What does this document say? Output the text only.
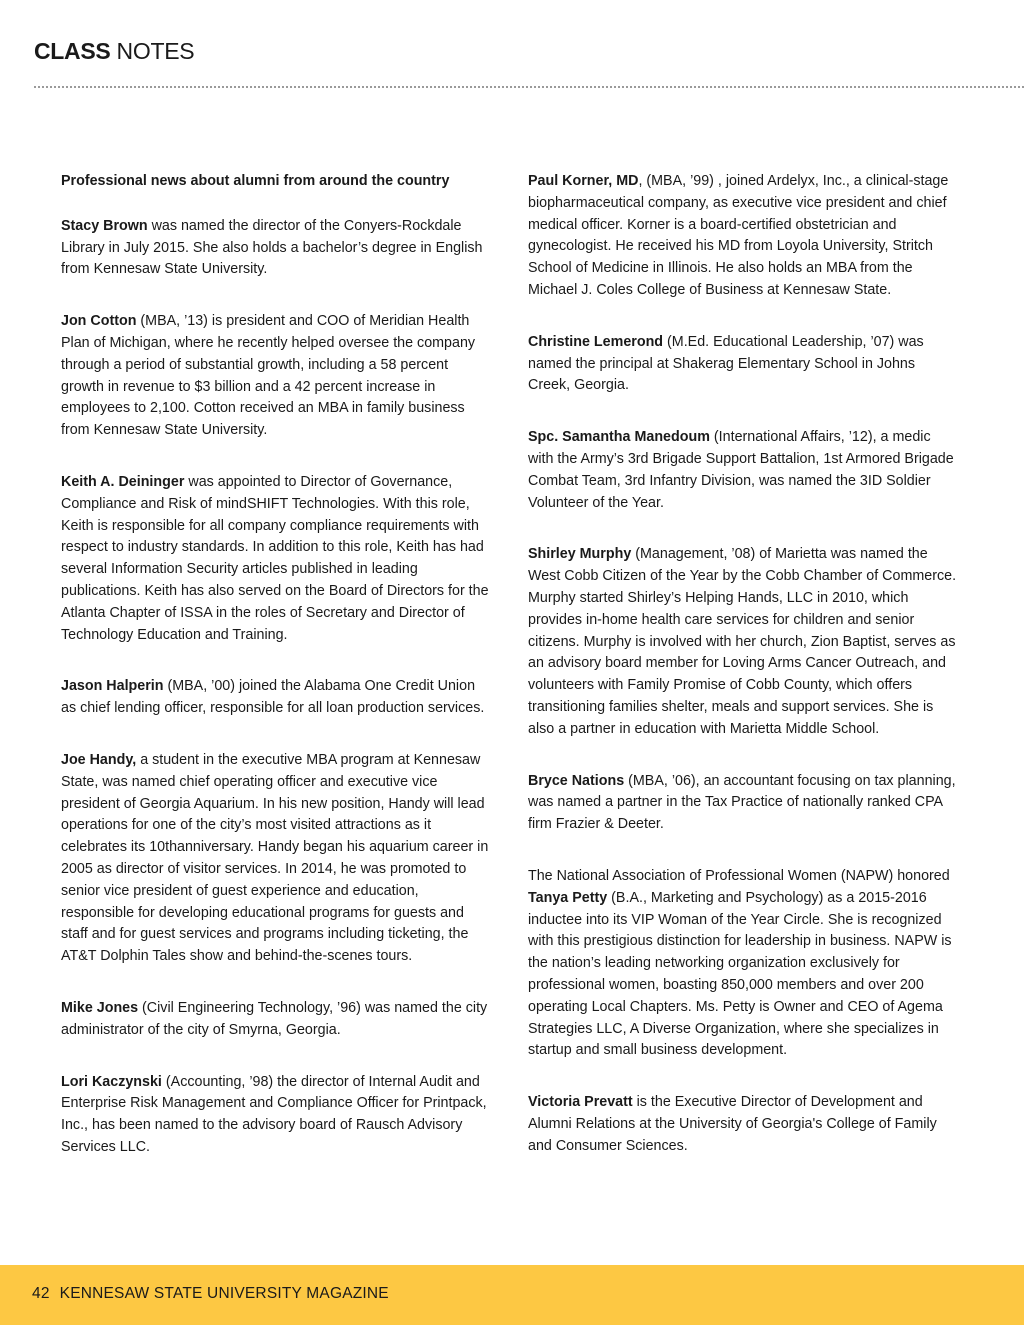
CLASS NOTES

Professional news about alumni from around the country

Stacy Brown was named the director of the Conyers-Rockdale Library in July 2015. She also holds a bachelor’s degree in English from Kennesaw State University.

Jon Cotton (MBA, ’13) is president and COO of Meridian Health Plan of Michigan, where he recently helped oversee the company through a period of substantial growth, including a 58 percent growth in revenue to $3 billion and a 42 percent increase in employees to 2,100. Cotton received an MBA in family business from Kennesaw State University.

Keith A. Deininger was appointed to Director of Governance, Compliance and Risk of mindSHIFT Technologies. With this role, Keith is responsible for all company compliance requirements with respect to industry standards. In addition to this role, Keith has had several Information Security articles published in leading publications. Keith has also served on the Board of Directors for the Atlanta Chapter of ISSA in the roles of Secretary and Director of Technology Education and Training.

Jason Halperin (MBA, ’00) joined the Alabama One Credit Union as chief lending officer, responsible for all loan production services.

Joe Handy, a student in the executive MBA program at Kennesaw State, was named chief operating officer and executive vice president of Georgia Aquarium. In his new position, Handy will lead operations for one of the city’s most visited attractions as it celebrates its 10thanniversary. Handy began his aquarium career in 2005 as director of visitor services. In 2014, he was promoted to senior vice president of guest experience and education, responsible for developing educational programs for guests and staff and for guest services and programs including ticketing, the AT&T Dolphin Tales show and behind-the-scenes tours.

Mike Jones (Civil Engineering Technology, ’96) was named the city administrator of the city of Smyrna, Georgia.

Lori Kaczynski (Accounting, ’98) the director of Internal Audit and Enterprise Risk Management and Compliance Officer for Printpack, Inc., has been named to the advisory board of Rausch Advisory Services LLC.

Paul Korner, MD, (MBA, ’99) , joined Ardelyx, Inc., a clinical-stage biopharmaceutical company, as executive vice president and chief medical officer. Korner is a board-certified obstetrician and gynecologist. He received his MD from Loyola University, Stritch School of Medicine in Illinois. He also holds an MBA from the Michael J. Coles College of Business at Kennesaw State.

Christine Lemerond (M.Ed. Educational Leadership, ’07) was named the principal at Shakerag Elementary School in Johns Creek, Georgia.

Spc. Samantha Manedoum (International Affairs, ’12), a medic with the Army’s 3rd Brigade Support Battalion, 1st Armored Brigade Combat Team, 3rd Infantry Division, was named the 3ID Soldier Volunteer of the Year.

Shirley Murphy (Management, ’08) of Marietta was named the West Cobb Citizen of the Year by the Cobb Chamber of Commerce. Murphy started Shirley’s Helping Hands, LLC in 2010, which provides in-home health care services for children and senior citizens. Murphy is involved with her church, Zion Baptist, serves as an advisory board member for Loving Arms Cancer Outreach, and volunteers with Family Promise of Cobb County, which offers transitioning families shelter, meals and support services. She is also a partner in education with Marietta Middle School.

Bryce Nations (MBA, ’06), an accountant focusing on tax planning, was named a partner in the Tax Practice of nationally ranked CPA firm Frazier & Deeter.

The National Association of Professional Women (NAPW) honored Tanya Petty (B.A., Marketing and Psychology) as a 2015-2016 inductee into its VIP Woman of the Year Circle. She is recognized with this prestigious distinction for leadership in business. NAPW is the nation’s leading networking organization exclusively for professional women, boasting 850,000 members and over 200 operating Local Chapters. Ms. Petty is Owner and CEO of Agema Strategies LLC, A Diverse Organization, where she specializes in startup and small business development.

Victoria Prevatt is the Executive Director of Development and Alumni Relations at the University of Georgia's College of Family and Consumer Sciences.

42 KENNESAW STATE UNIVERSITY MAGAZINE
